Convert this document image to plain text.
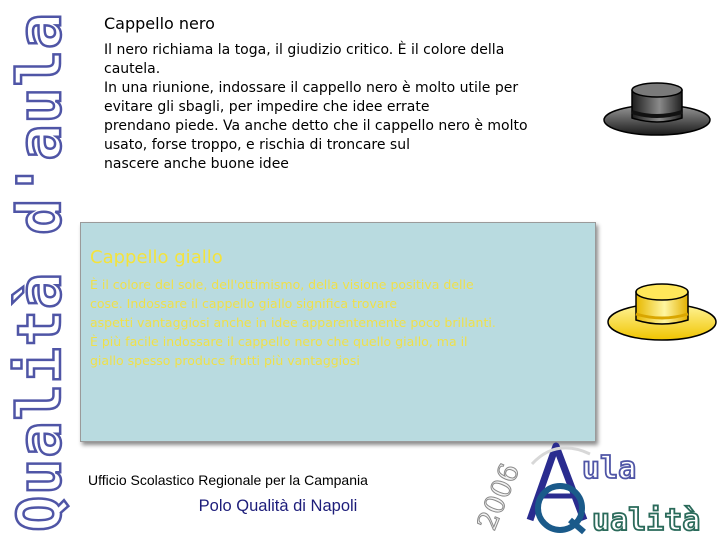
Qualità d'aula Cappello nero
Il nero richiama la toga, il giudizio critico. È il colore della
cautela.
In una riunione, indossare il cappello nero è molto utile per
evitare gli sbagli, per impedire che idee errate
prendano piede. Va anche detto che il cappello nero è molto
usato, forse troppo, e rischia di troncare sul
nascere anche buone idee
Cappello giallo
È il colore del sole, dell'ottimismo, della visione positiva delle
cose. Indossare il cappello giallo significa trovare
aspetti vantaggiosi anche in idee apparentemente poco brillanti.
È più facile indossare il cappello nero che quello giallo, ma il
giallo spesso produce frutti più vantaggiosi
Ufficio Scolastico Regionale per la Campania
Polo Qualità di Napoli	2006 ula
ualità
